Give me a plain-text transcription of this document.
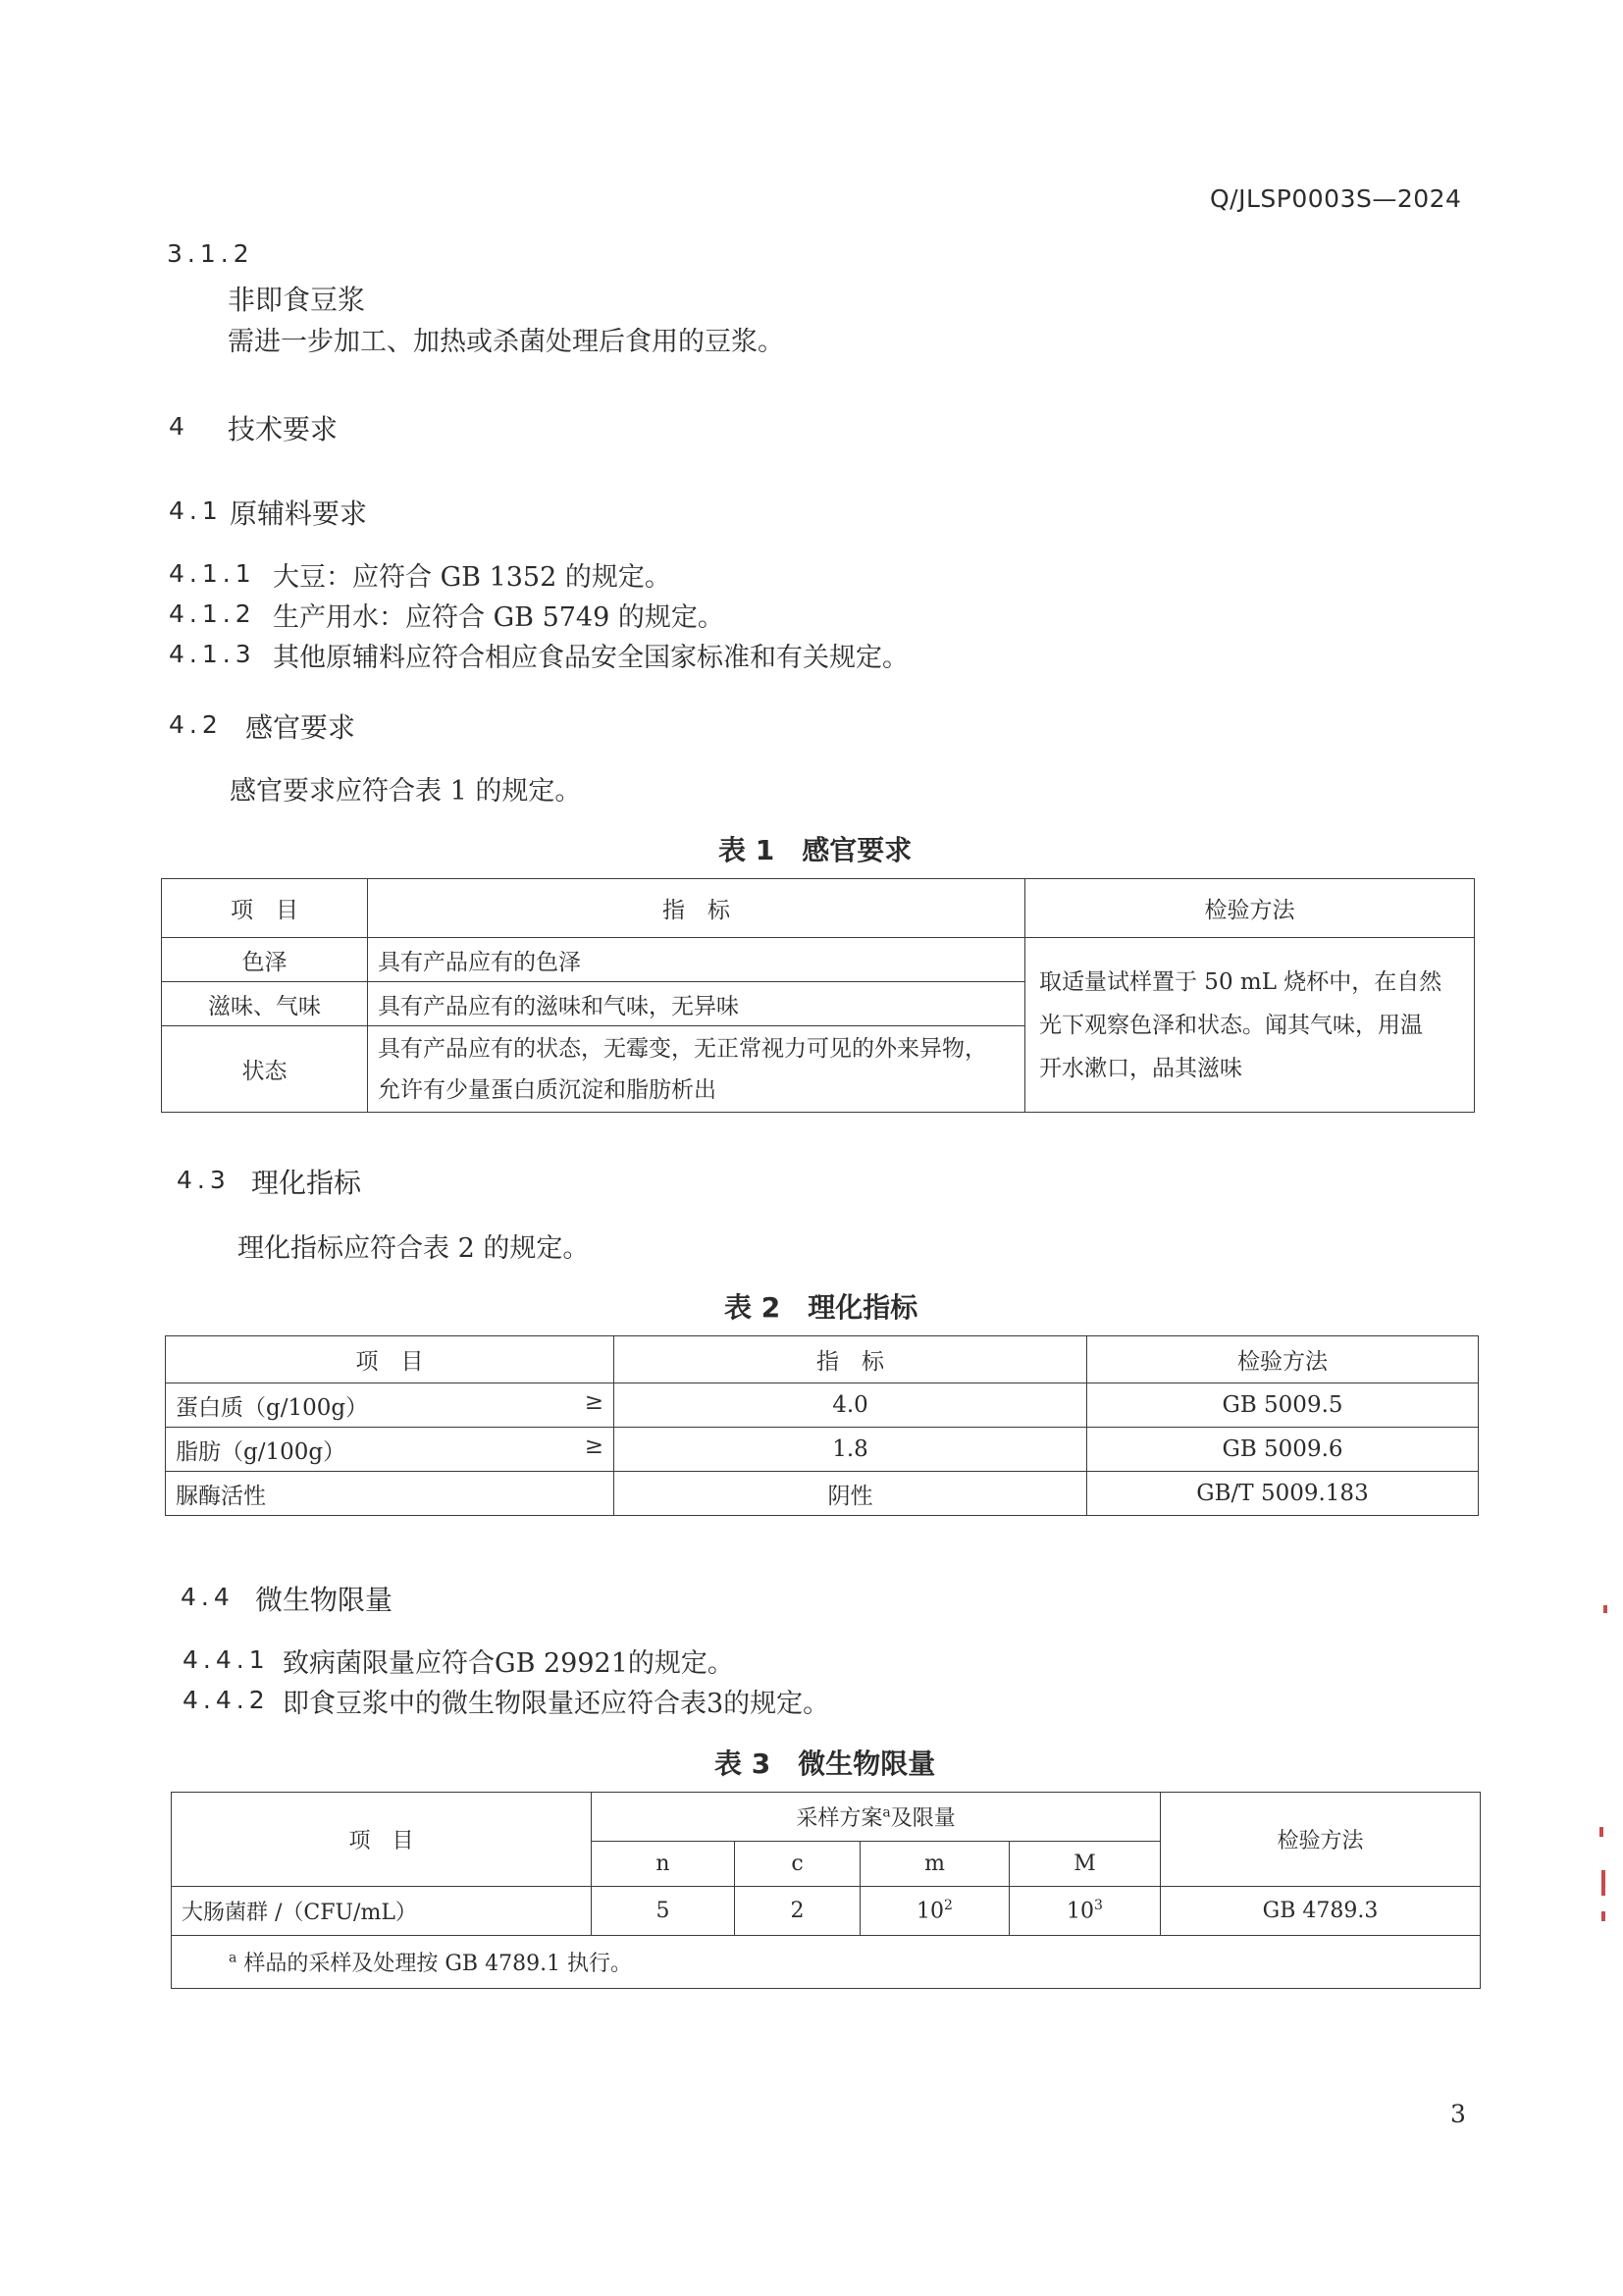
Q/JLSP0003S—2024
3.1.2
非即食豆浆
需进一步加工、加热或杀菌处理后食用的豆浆。
4 技术要求
4.1 原辅料要求
4.1.1 大豆：应符合 GB 1352 的规定。
4.1.2 生产用水：应符合 GB 5749 的规定。
4.1.3 其他原辅料应符合相应食品安全国家标准和有关规定。
4.2 感官要求
感官要求应符合表 1 的规定。
表 1　感官要求
项　目	指　标	检验方法
色泽	具有产品应有的色泽	取适量试样置于 50 mL 烧杯中，在自然
光下观察色泽和状态。闻其气味，用温
开水漱口，品其滋味

滋味、气味	具有产品应有的滋味和气味，无异味	
状态	具有产品应有的状态，无霉变，无正常视力可见的外来异物，
允许有少量蛋白质沉淀和脂肪析出	
4.3 理化指标
理化指标应符合表 2 的规定。
表 2　理化指标
项　目	指　标	检验方法
蛋白质（g/100g） ≥	4.0	GB 5009.5
脂肪（g/100g） ≥	1.8	GB 5009.6
脲酶活性	阴性	GB/T 5009.183
4.4 微生物限量
4.4.1 致病菌限量应符合GB 29921的规定。
4.4.2 即食豆浆中的微生物限量还应符合表3的规定。
表 3　微生物限量
项　目	采样方案$^a$及限量				检验方法
	n	c	m	M	
大肠菌群 /（CFU/mL）	5	2	$10^2$	$10^3$	GB 4789.3
$^a$ 样品的采样及处理按 GB 4789.1 执行。					
3
